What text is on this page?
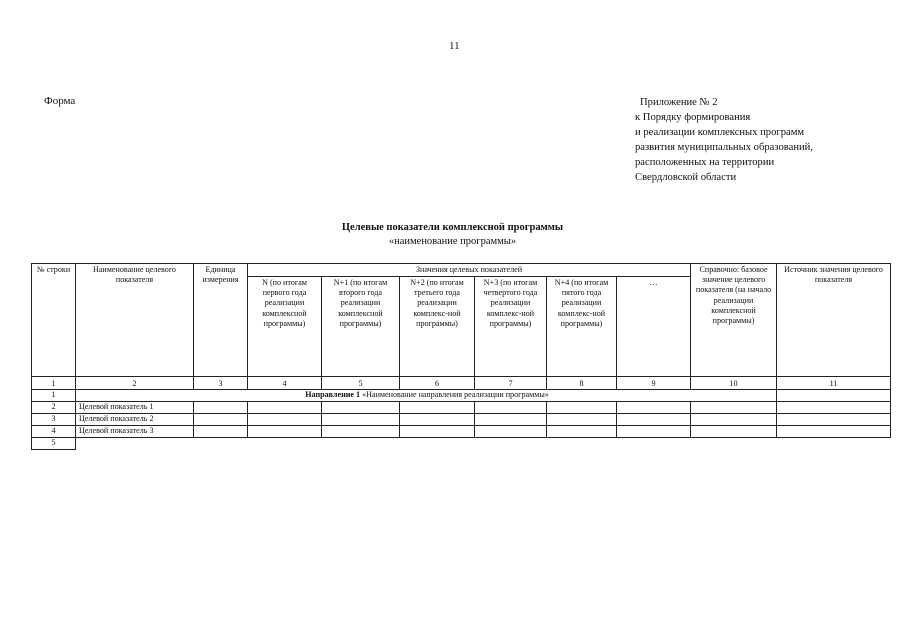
11
Форма	Приложение № 2
к Порядку формирования
и реализации комплексных программ
развития муниципальных образований,
расположенных на территории
Свердловской области
Целевые показатели комплексной программы
«наименование программы»
№ строки	Наименование целевого показателя	Единица измерения	Значения целевых показателей						Справочно: базовое значение целевого показателя (на начало реализации комплексной программы)	Источник значения целевого показателя
			N (по итогам первого года реализации комплексной программы)	N+1 (по итогам второго года реализации комплексной программы)	N+2 (по итогам третьего года реализации комплекс-ной программы)	N+3 (по итогам четвертого года реализации комплекс-ной программы)	N+4 (по итогам пятого года реализации комплекс-ной программы)	…		
1	2	3	4	5	6	7	8	9	10	11
1	Направление 1 «Наименование направления реализации программы»									
2	Целевой показатель 1									
3	Целевой показатель 2									
4	Целевой показатель 3									
5										
